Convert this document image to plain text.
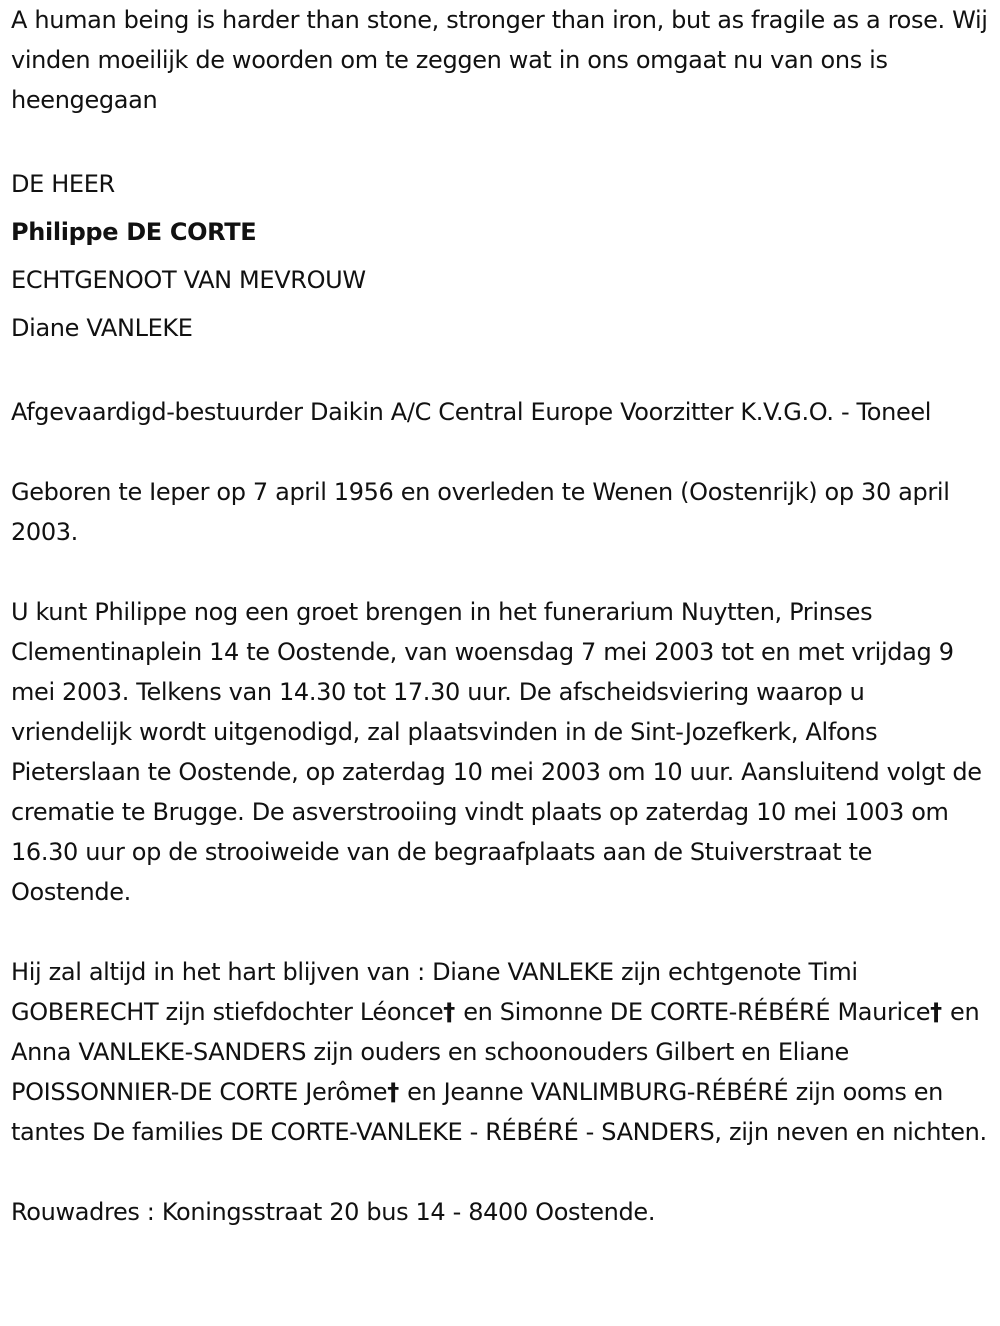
A human being is harder than stone, stronger than iron, but as fragile as a rose. Wij vinden moeilijk de woorden om te zeggen wat in ons omgaat nu van ons is heengegaan

DE HEER

Philippe DE CORTE

ECHTGENOOT VAN MEVROUW

Diane VANLEKE

Afgevaardigd-bestuurder Daikin A/C Central Europe Voorzitter K.V.G.O. - Toneel

Geboren te Ieper op 7 april 1956 en overleden te Wenen (Oostenrijk) op 30 april 2003.

U kunt Philippe nog een groet brengen in het funerarium Nuytten, Prinses Clementinaplein 14 te Oostende, van woensdag 7 mei 2003 tot en met vrijdag 9 mei 2003. Telkens van 14.30 tot 17.30 uur. De afscheidsviering waarop u vriendelijk wordt uitgenodigd, zal plaatsvinden in de Sint-Jozefkerk, Alfons Pieterslaan te Oostende, op zaterdag 10 mei 2003 om 10 uur. Aansluitend volgt de crematie te Brugge. De asverstrooiing vindt plaats op zaterdag 10 mei 1003 om 16.30 uur op de strooiweide van de begraafplaats aan de Stuiverstraat te Oostende.

Hij zal altijd in het hart blijven van : Diane VANLEKE zijn echtgenote Timi GOBERECHT zijn stiefdochter Léonce† en Simonne DE CORTE-RÉBÉRÉ Maurice† en Anna VANLEKE-SANDERS zijn ouders en schoonouders Gilbert en Eliane POISSONNIER-DE CORTE Jerôme† en Jeanne VANLIMBURG-RÉBÉRÉ zijn ooms en tantes De families DE CORTE-VANLEKE - RÉBÉRÉ - SANDERS, zijn neven en nichten.

Rouwadres : Koningsstraat 20 bus 14 - 8400 Oostende.
